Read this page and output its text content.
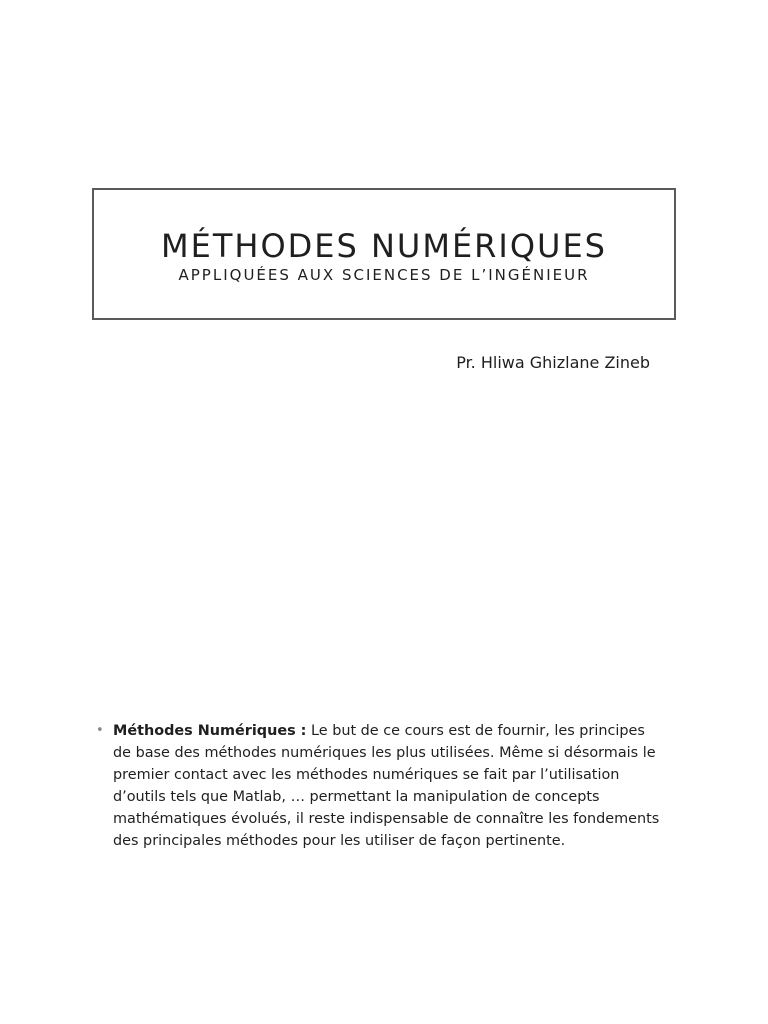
MÉTHODES NUMÉRIQUES
APPLIQUÉES AUX SCIENCES DE L’INGÉNIEUR
Pr. Hliwa Ghizlane Zineb
• Méthodes Numériques : Le but de ce cours est de fournir, les principes de base des méthodes numériques les plus utilisées. Même si désormais le premier contact avec les méthodes numériques se fait par l’utilisation d’outils tels que Matlab, … permettant la manipulation de concepts mathématiques évolués, il reste indispensable de connaître les fondements des principales méthodes pour les utiliser de façon pertinente.
